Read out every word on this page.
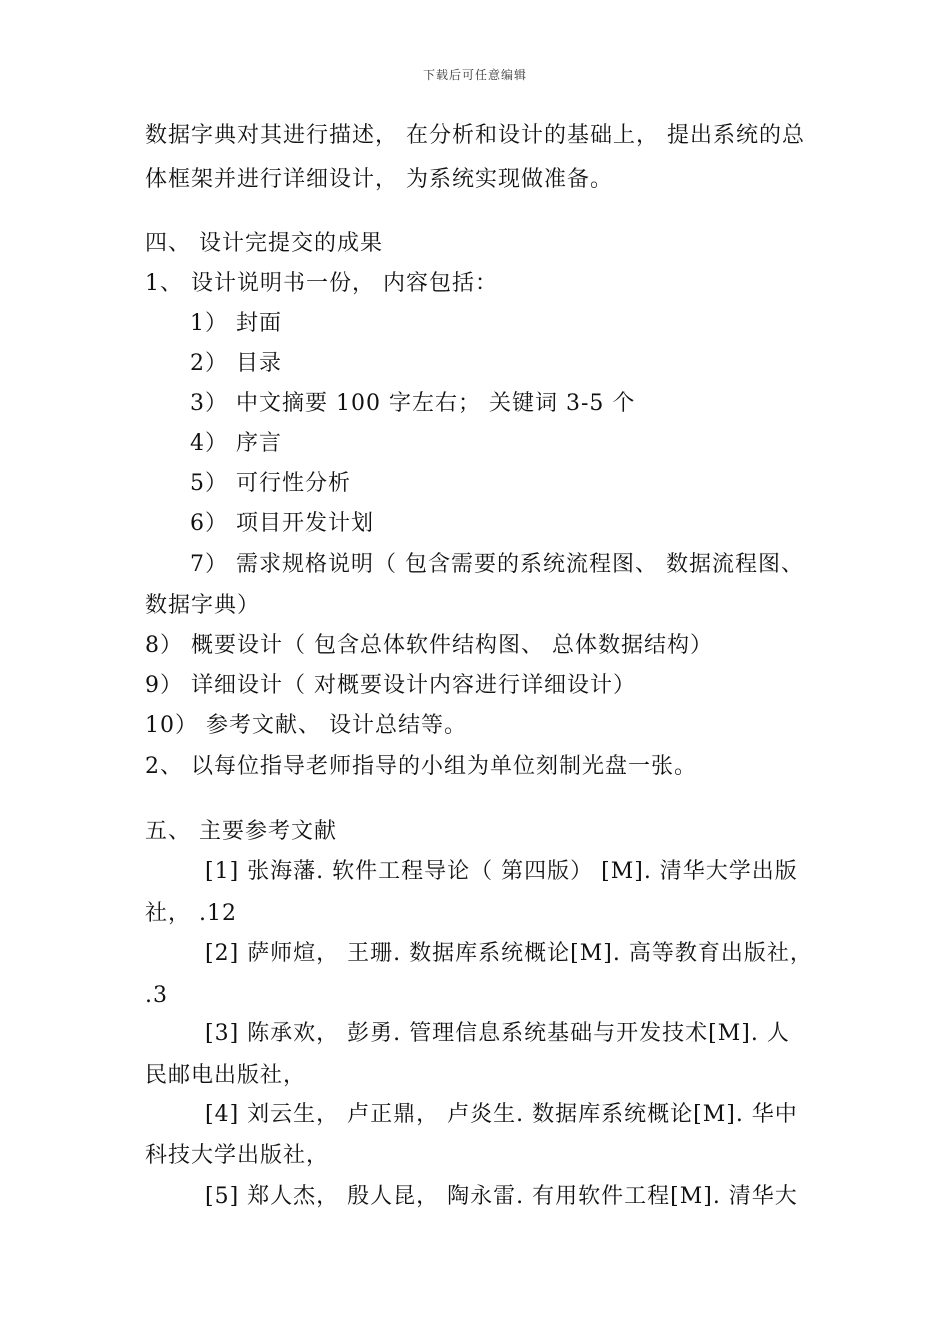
下载后可任意编辑
数据字典对其进行描述， 在分析和设计的基础上， 提出系统的总
体框架并进行详细设计， 为系统实现做准备。
四、 设计完提交的成果
1、 设计说明书一份， 内容包括：
1） 封面
2） 目录
3） 中文摘要 100 字左右； 关键词 3-5 个
4） 序言
5） 可行性分析
6） 项目开发计划
7） 需求规格说明（ 包含需要的系统流程图、 数据流程图、
数据字典）
8） 概要设计（ 包含总体软件结构图、 总体数据结构）
9） 详细设计（ 对概要设计内容进行详细设计）
10） 参考文献、 设计总结等。
2、 以每位指导老师指导的小组为单位刻制光盘一张。
五、 主要参考文献
[1] 张海藩. 软件工程导论（ 第四版） [M]. 清华大学出版
社， .12
[2] 萨师煊， 王珊. 数据库系统概论[M]. 高等教育出版社，
.3
[3] 陈承欢， 彭勇. 管理信息系统基础与开发技术[M]. 人
民邮电出版社，
[4] 刘云生， 卢正鼎， 卢炎生. 数据库系统概论[M]. 华中
科技大学出版社，
[5] 郑人杰， 殷人昆， 陶永雷. 有用软件工程[M]. 清华大
